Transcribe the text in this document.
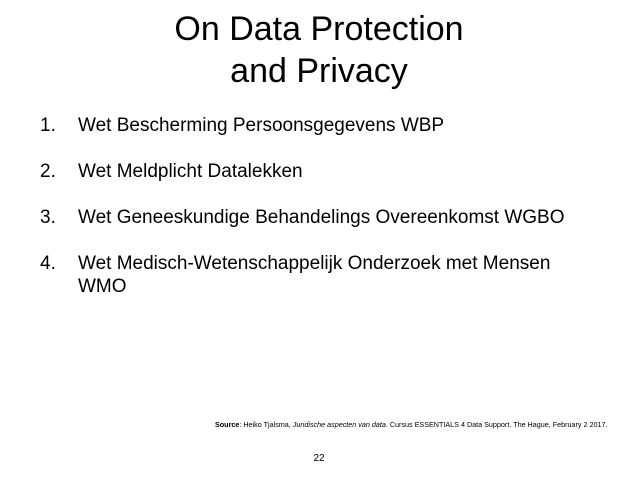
On Data Protection
and Privacy
1. Wet Bescherming Persoonsgegevens WBP
2. Wet Meldplicht Datalekken
3. Wet Geneeskundige Behandelings Overeenkomst WGBO
4. Wet Medisch-Wetenschappelijk Onderzoek met Mensen WMO
Source: Heiko Tjalsma, Juridische aspecten van data. Cursus ESSENTIALS 4 Data Support. The Hague, February 2 2017.
22
